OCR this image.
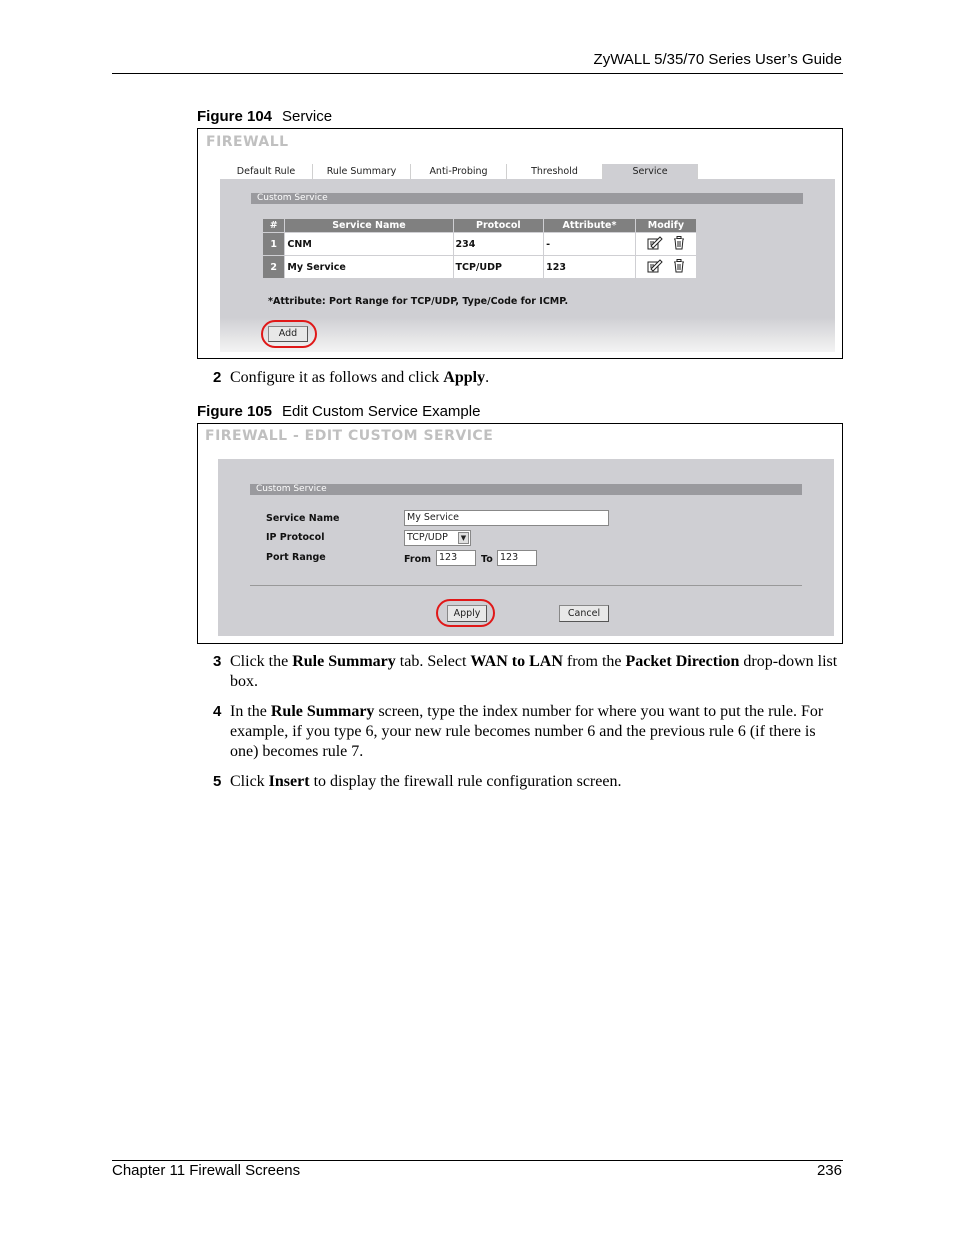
ZyWALL 5/35/70 Series User’s Guide
Figure 104 Service
FIREWALL
Default Rule	Rule Summary	Anti-Probing	Threshold	Service
Custom Service
#	Service Name	Protocol	Attribute*	Modify
1	CNM	234	-	
2	My Service	TCP/UDP	123	
*Attribute: Port Range for TCP/UDP, Type/Code for ICMP.
Add
2 Configure it as follows and click Apply.
Figure 105 Edit Custom Service Example
FIREWALL - EDIT CUSTOM SERVICE
Custom Service
Service Name	My Service
IP Protocol	TCP/UDP	▼
Port Range	From 123	To 123
Apply	Cancel
3 Click the Rule Summary tab. Select WAN to LAN from the Packet Direction drop-down list box.
4 In the Rule Summary screen, type the index number for where you want to put the rule. For example, if you type 6, your new rule becomes number 6 and the previous rule 6 (if there is one) becomes rule 7.
5 Click Insert to display the firewall rule configuration screen.
Chapter 11 Firewall Screens	236
